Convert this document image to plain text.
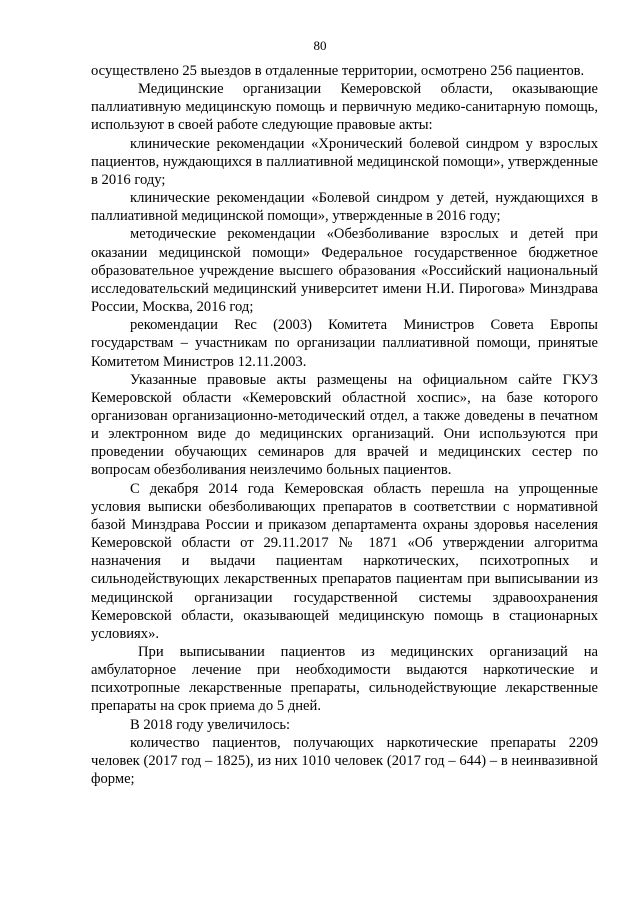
80

осуществлено 25 выездов в отдаленные территории, осмотрено 256 пациентов.

Медицинские организации Кемеровской области, оказывающие паллиативную медицинскую помощь и первичную медико-санитарную помощь, используют в своей работе следующие правовые акты:

клинические рекомендации «Хронический болевой синдром у взрослых пациентов, нуждающихся в паллиативной медицинской помощи», утвержденные в 2016 году;

клинические рекомендации «Болевой синдром у детей, нуждающихся в паллиативной медицинской помощи», утвержденные в 2016 году;

методические рекомендации «Обезболивание взрослых и детей при оказании медицинской помощи» Федеральное государственное бюджетное образовательное учреждение высшего образования «Российский национальный исследовательский медицинский университет имени Н.И. Пирогова» Минздрава России, Москва, 2016 год;

рекомендации Rec (2003) Комитета Министров Совета Европы государствам – участникам по организации паллиативной помощи, принятые Комитетом Министров 12.11.2003.

Указанные правовые акты размещены на официальном сайте ГКУЗ Кемеровской области «Кемеровский областной хоспис», на базе которого организован организационно-методический отдел, а также доведены в печатном и электронном виде до медицинских организаций. Они используются при проведении обучающих семинаров для врачей и медицинских сестер по вопросам обезболивания неизлечимо больных пациентов.

С декабря 2014 года Кемеровская область перешла на упрощенные условия выписки обезболивающих препаратов в соответствии с нормативной базой Минздрава России и приказом департамента охраны здоровья населения Кемеровской области от 29.11.2017 № 1871 «Об утверждении алгоритма назначения и выдачи пациентам наркотических, психотропных и сильнодействующих лекарственных препаратов пациентам при выписывании из медицинской организации государственной системы здравоохранения Кемеровской области, оказывающей медицинскую помощь в стационарных условиях».

При выписывании пациентов из медицинских организаций на амбулаторное лечение при необходимости выдаются наркотические и психотропные лекарственные препараты, сильнодействующие лекарственные препараты на срок приема до 5 дней.

В 2018 году увеличилось:

количество пациентов, получающих наркотические препараты 2209 человек (2017 год – 1825), из них 1010 человек (2017 год – 644) – в неинвазивной форме;
